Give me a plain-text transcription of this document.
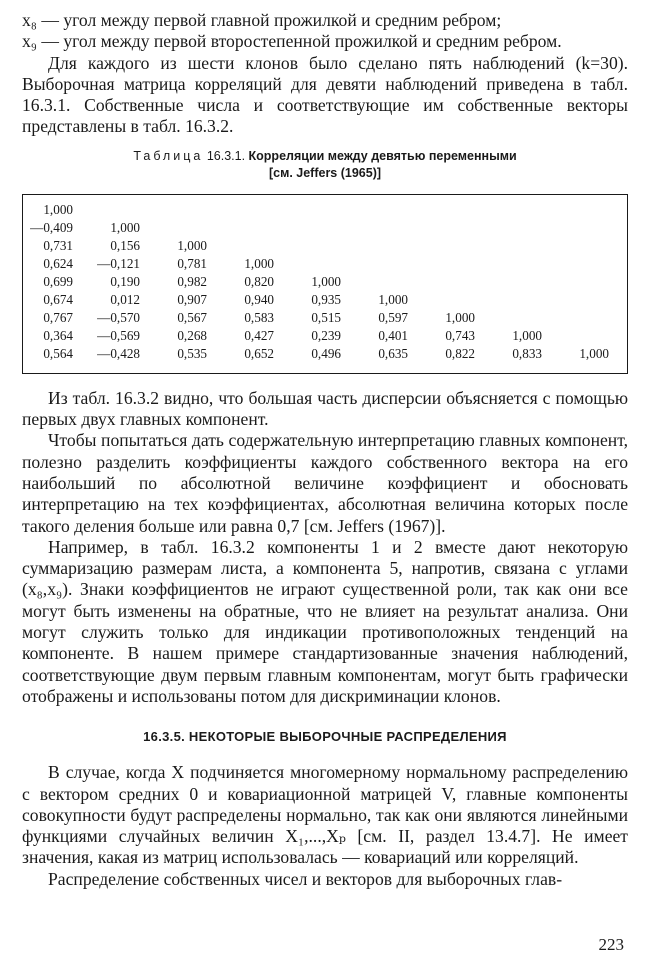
x₈ — угол между первой главной прожилкой и средним ребром;

x₉ — угол между первой второстепенной прожилкой и средним ребром.

Для каждого из шести клонов было сделано пять наблюдений (k=30). Выборочная матрица корреляций для девяти наблюдений приведена в табл. 16.3.1. Собственные числа и соответствующие им собственные векторы представлены в табл. 16.3.2.

Таблица 16.3.1. Корреляции между девятью переменными
[см. Jeffers (1965)]
1,000								
—0,409	1,000							
0,731	0,156	1,000						
0,624	—0,121	0,781	1,000					
0,699	0,190	0,982	0,820	1,000				
0,674	0,012	0,907	0,940	0,935	1,000			
0,767	—0,570	0,567	0,583	0,515	0,597	1,000		
0,364	—0,569	0,268	0,427	0,239	0,401	0,743	1,000	
0,564	—0,428	0,535	0,652	0,496	0,635	0,822	0,833	1,000

Из табл. 16.3.2 видно, что большая часть дисперсии объясняется с помощью первых двух главных компонент.

Чтобы попытаться дать содержательную интерпретацию главных компонент, полезно разделить коэффициенты каждого собственного вектора на его наибольший по абсолютной величине коэффициент и обосновать интерпретацию на тех коэффициентах, абсолютная величина которых после такого деления больше или равна 0,7 [см. Jeffers (1967)].

Например, в табл. 16.3.2 компоненты 1 и 2 вместе дают некоторую суммаризацию размерам листа, а компонента 5, напротив, связана с углами (x₈,x₉). Знаки коэффициентов не играют существенной роли, так как они все могут быть изменены на обратные, что не влияет на результат анализа. Они могут служить только для индикации противоположных тенденций на компоненте. В нашем примере стандартизованные значения наблюдений, соответствующие двум первым главным компонентам, могут быть графически отображены и использованы потом для дискриминации клонов.

16.3.5. НЕКОТОРЫЕ ВЫБОРОЧНЫЕ РАСПРЕДЕЛЕНИЯ

В случае, когда X подчиняется многомерному нормальному распределению с вектором средних 0 и ковариационной матрицей V, главные компоненты совокупности будут распределены нормально, так как они являются линейными функциями случайных величин X₁,...,Xₚ [см. II, раздел 13.4.7]. Не имеет значения, какая из матриц использовалась — ковариаций или корреляций.

Распределение собственных чисел и векторов для выборочных глав-

223
